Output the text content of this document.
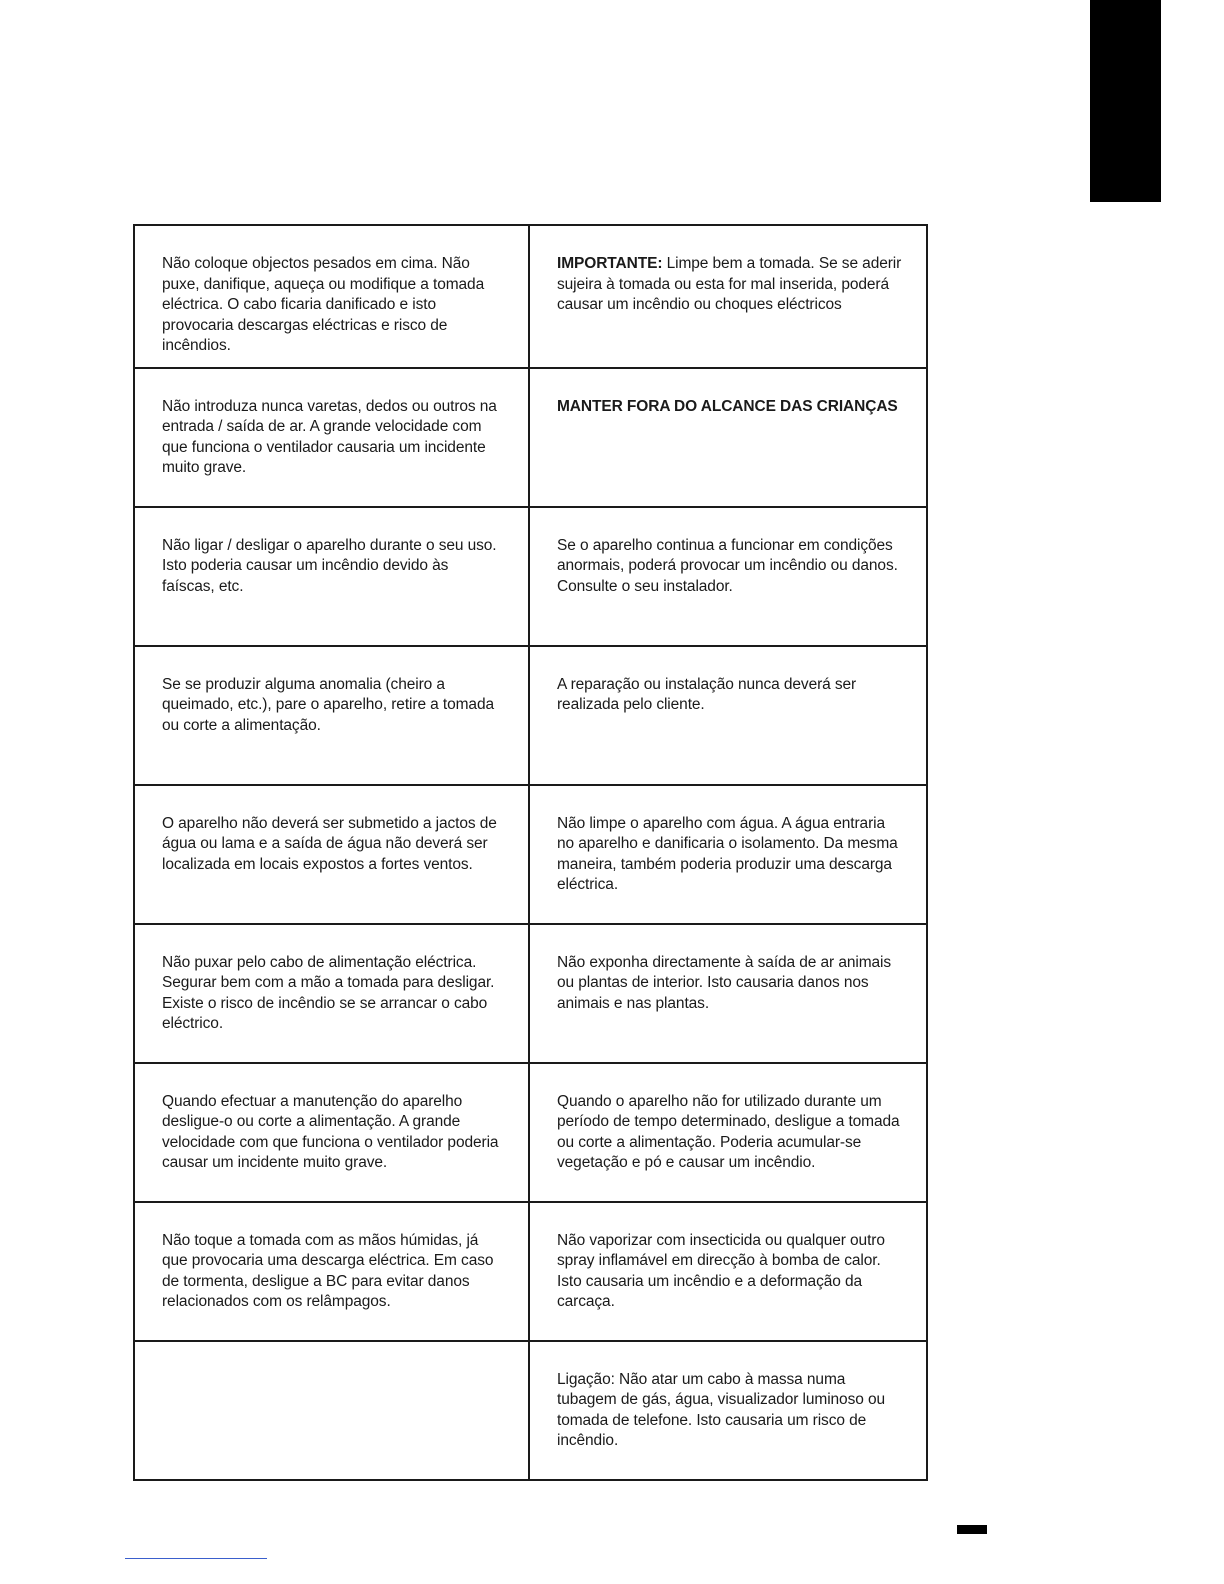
Não coloque objectos pesados em cima. Não puxe, danifique, aqueça ou modifique a tomada eléctrica. O cabo ficaria danificado e isto provocaria descargas eléctricas e risco de incêndios.	IMPORTANTE: Limpe bem a tomada. Se se aderir sujeira à tomada ou esta for mal inserida, poderá causar um incêndio ou choques eléctricos
Não introduza nunca varetas, dedos ou outros na entrada / saída de ar. A grande velocidade com que funciona o ventilador causaria um incidente muito grave.	MANTER FORA DO ALCANCE DAS CRIANÇAS
Não ligar / desligar o aparelho durante o seu uso. Isto poderia causar um incêndio devido às faíscas, etc.	Se o aparelho continua a funcionar em condições anormais, poderá provocar um incêndio ou danos. Consulte o seu instalador.
Se se produzir alguma anomalia (cheiro a queimado, etc.), pare o aparelho, retire a tomada ou corte a alimentação.	A reparação ou instalação nunca deverá ser realizada pelo cliente.
O aparelho não deverá ser submetido a jactos de água ou lama e a saída de água não deverá ser localizada em locais expostos a fortes ventos.	Não limpe o aparelho com água. A água entraria no aparelho e danificaria o isolamento. Da mesma maneira, também poderia produzir uma descarga eléctrica.
Não puxar pelo cabo de alimentação eléctrica. Segurar bem com a mão a tomada para desligar. Existe o risco de incêndio se se arrancar o cabo eléctrico.	Não exponha directamente à saída de ar animais ou plantas de interior. Isto causaria danos nos animais e nas plantas.
Quando efectuar a manutenção do aparelho desligue-o ou corte a alimentação. A grande velocidade com que funciona o ventilador poderia causar um incidente muito grave.	Quando o aparelho não for utilizado durante um período de tempo determinado, desligue a tomada ou corte a alimentação. Poderia acumular-se vegetação e pó e causar um incêndio.
Não toque a tomada com as mãos húmidas, já que provocaria uma descarga eléctrica. Em caso de tormenta, desligue a BC para evitar danos relacionados com os relâmpagos.	Não vaporizar com insecticida ou qualquer outro spray inflamável em direcção à bomba de calor. Isto causaria um incêndio e a deformação da carcaça.
	Ligação: Não atar um cabo à massa numa tubagem de gás, água, visualizador luminoso ou tomada de telefone. Isto causaria um risco de incêndio.
